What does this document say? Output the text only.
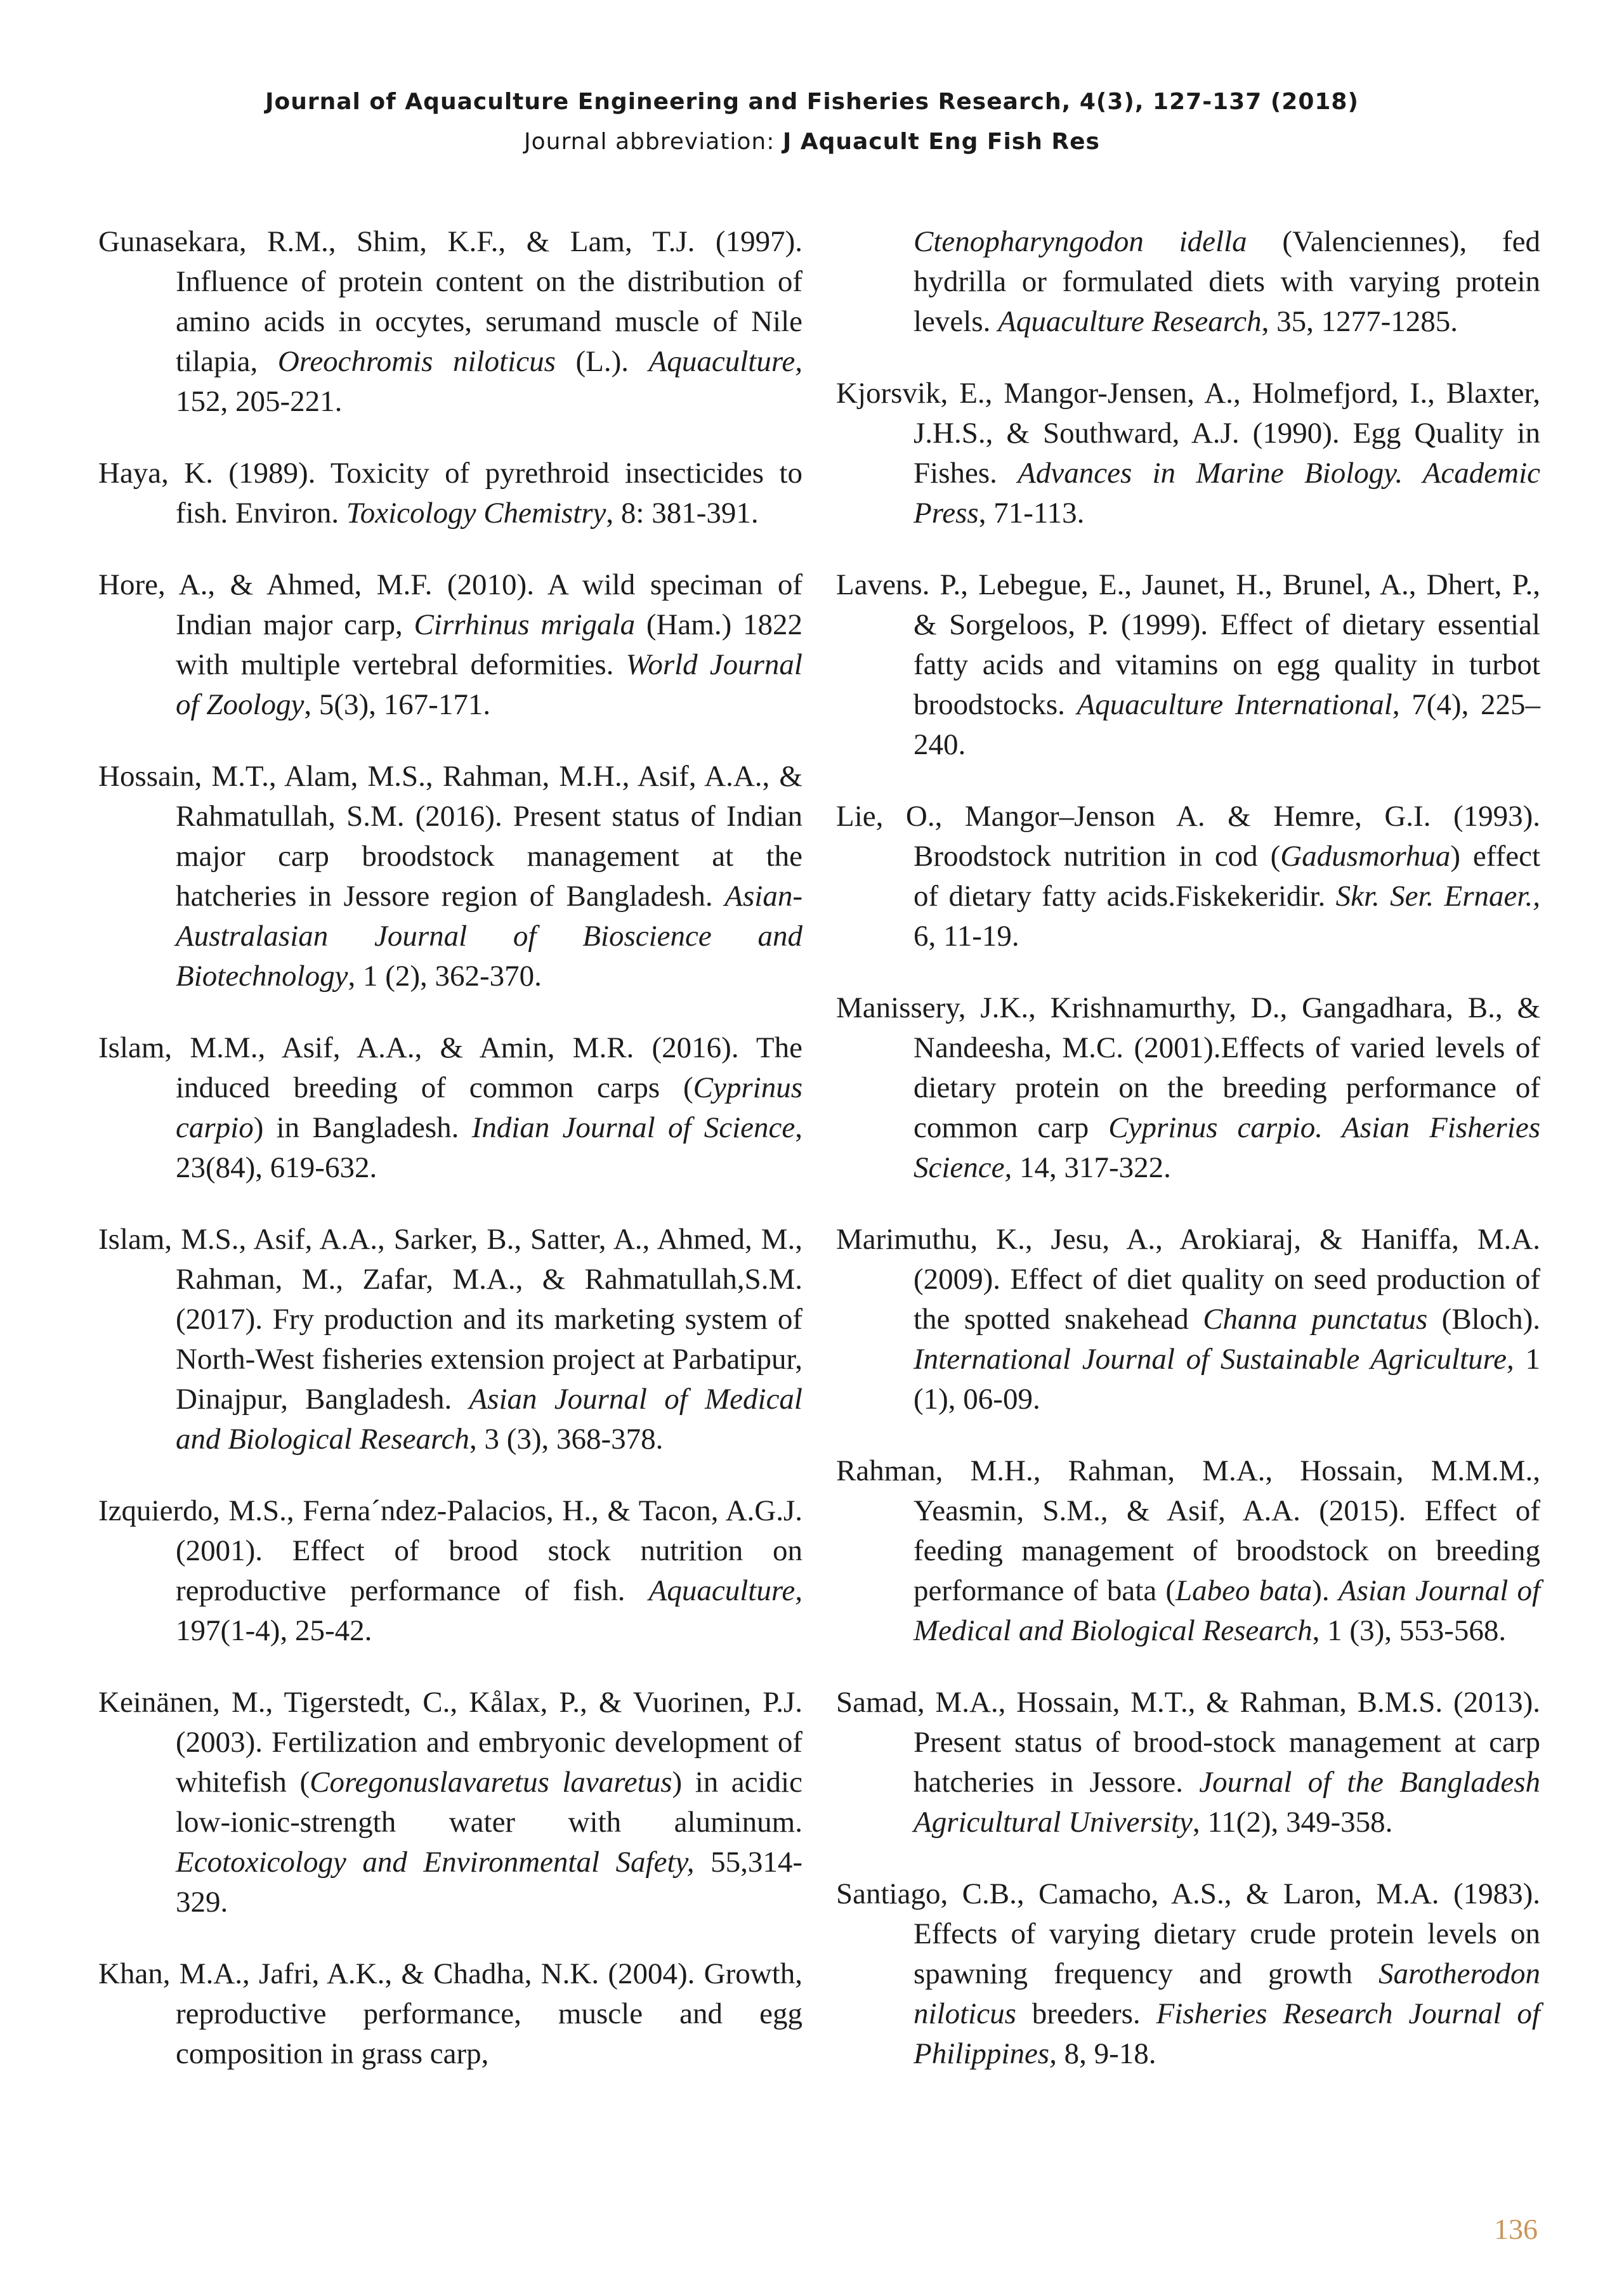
Journal of Aquaculture Engineering and Fisheries Research, 4(3), 127-137 (2018)
Journal abbreviation: J Aquacult Eng Fish Res

Gunasekara, R.M., Shim, K.F., & Lam, T.J. (1997). Influence of protein content on the distribution of amino acids in occytes, serumand muscle of Nile tilapia, Oreochromis niloticus (L.). Aquaculture, 152, 205-221.

Haya, K. (1989). Toxicity of pyrethroid insecticides to fish. Environ. Toxicology Chemistry, 8: 381-391.

Hore, A., & Ahmed, M.F. (2010). A wild speciman of Indian major carp, Cirrhinus mrigala (Ham.) 1822 with multiple vertebral deformities. World Journal of Zoology, 5(3), 167-171.

Hossain, M.T., Alam, M.S., Rahman, M.H., Asif, A.A., & Rahmatullah, S.M. (2016). Present status of Indian major carp broodstock management at the hatcheries in Jessore region of Bangladesh. Asian-Australasian Journal of Bioscience and Biotechnology, 1 (2), 362-370.

Islam, M.M., Asif, A.A., & Amin, M.R. (2016). The induced breeding of common carps (Cyprinus carpio) in Bangladesh. Indian Journal of Science, 23(84), 619-632.

Islam, M.S., Asif, A.A., Sarker, B., Satter, A., Ahmed, M., Rahman, M., Zafar, M.A., & Rahmatullah,S.M. (2017). Fry production and its marketing system of North-West fisheries extension project at Parbatipur, Dinajpur, Bangladesh. Asian Journal of Medical and Biological Research, 3 (3), 368-378.

Izquierdo, M.S., Ferna´ndez-Palacios, H., & Tacon, A.G.J. (2001). Effect of brood stock nutrition on reproductive performance of fish. Aquaculture, 197(1-4), 25-42.

Keinänen, M., Tigerstedt, C., Kålax, P., & Vuorinen, P.J. (2003). Fertilization and embryonic development of whitefish (Coregonuslavaretus lavaretus) in acidic low-ionic-strength water with aluminum. Ecotoxicology and Environmental Safety, 55,314-329.

Khan, M.A., Jafri, A.K., & Chadha, N.K. (2004). Growth, reproductive performance, muscle and egg composition in grass carp,

Ctenopharyngodon idella (Valenciennes), fed hydrilla or formulated diets with varying protein levels. Aquaculture Research, 35, 1277-1285.

Kjorsvik, E., Mangor-Jensen, A., Holmefjord, I., Blaxter, J.H.S., & Southward, A.J. (1990). Egg Quality in Fishes. Advances in Marine Biology. Academic Press, 71-113.

Lavens. P., Lebegue, E., Jaunet, H., Brunel, A., Dhert, P., & Sorgeloos, P. (1999). Effect of dietary essential fatty acids and vitamins on egg quality in turbot broodstocks. Aquaculture International, 7(4), 225–240.

Lie, O., Mangor–Jenson A. & Hemre, G.I. (1993). Broodstock nutrition in cod (Gadusmorhua) effect of dietary fatty acids.Fiskekeridir. Skr. Ser. Ernaer., 6, 11-19.

Manissery, J.K., Krishnamurthy, D., Gangadhara, B., & Nandeesha, M.C. (2001).Effects of varied levels of dietary protein on the breeding performance of common carp Cyprinus carpio. Asian Fisheries Science, 14, 317-322.

Marimuthu, K., Jesu, A., Arokiaraj, & Haniffa, M.A. (2009). Effect of diet quality on seed production of the spotted snakehead Channa punctatus (Bloch). International Journal of Sustainable Agriculture, 1 (1), 06-09.

Rahman, M.H., Rahman, M.A., Hossain, M.M.M., Yeasmin, S.M., & Asif, A.A. (2015). Effect of feeding management of broodstock on breeding performance of bata (Labeo bata). Asian Journal of Medical and Biological Research, 1 (3), 553-568.

Samad, M.A., Hossain, M.T., & Rahman, B.M.S. (2013). Present status of brood-stock management at carp hatcheries in Jessore. Journal of the Bangladesh Agricultural University, 11(2), 349-358.

Santiago, C.B., Camacho, A.S., & Laron, M.A. (1983). Effects of varying dietary crude protein levels on spawning frequency and growth Sarotherodon niloticus breeders. Fisheries Research Journal of Philippines, 8, 9-18.

136
